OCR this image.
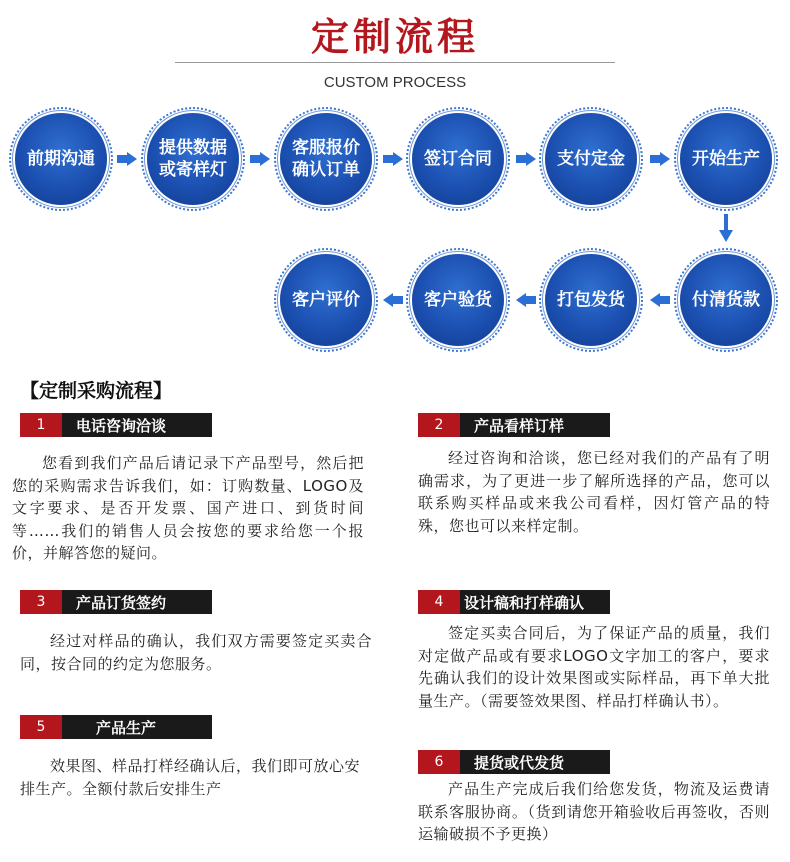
定制流程
CUSTOM PROCESS
前期沟通
提供数据
或寄样灯
客服报价
确认订单
签订合同	支付定金	开始生产
付清货款
打包发货
客户验货
客户评价
【定制采购流程】
1	电话咨询洽谈
您看到我们产品后请记录下产品型号，然后把您的采购需求告诉我们，如：订购数量、LOGO及文字要求、是否开发票、国产进口、到货时间等……我们的销售人员会按您的要求给您一个报价，并解答您的疑问。
2	产品看样订样
经过咨询和洽谈，您已经对我们的产品有了明确需求，为了更进一步了解所选择的产品，您可以联系购买样品或来我公司看样，因灯管产品的特殊，您也可以来样定制。
3	产品订货签约
经过对样品的确认，我们双方需要签定买卖合同，按合同的约定为您服务。
4	设计稿和打样确认
签定买卖合同后，为了保证产品的质量，我们对定做产品或有要求LOGO文字加工的客户，要求先确认我们的设计效果图或实际样品，再下单大批量生产。（需要签效果图、样品打样确认书）。
5	产品生产
效果图、样品打样经确认后，我们即可放心安排生产。全额付款后安排生产
6	提货或代发货
产品生产完成后我们给您发货，物流及运费请联系客服协商。（货到请您开箱验收后再签收，否则运输破损不予更换）
